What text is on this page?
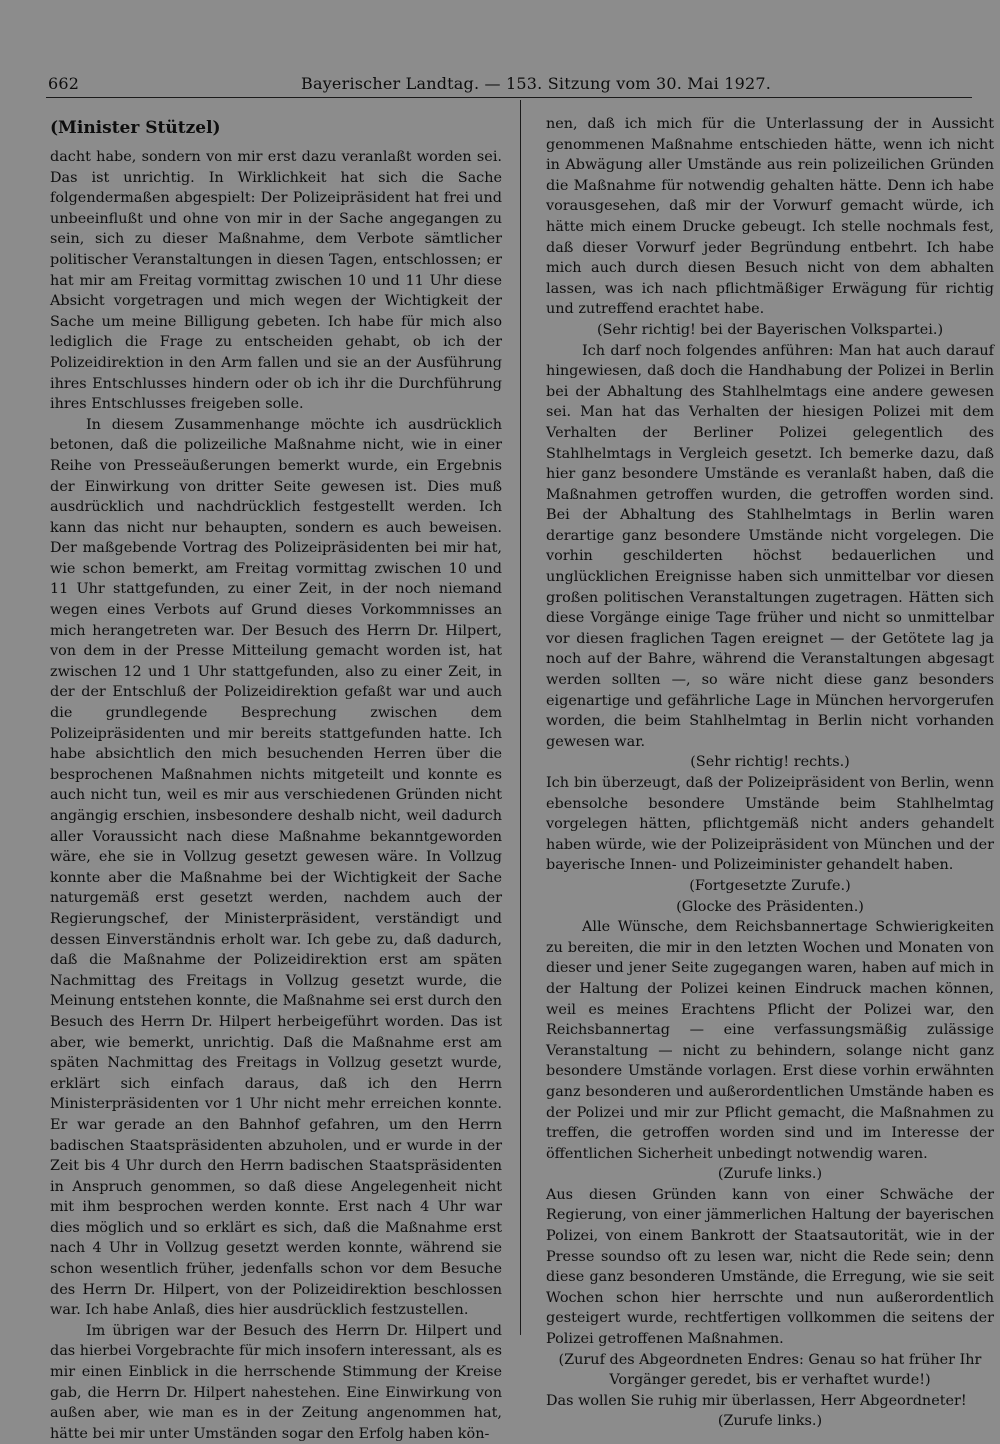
662	Bayerischer Landtag. — 153. Sitzung vom 30. Mai 1927.
(Minister Stützel)

dacht habe, sondern von mir erst dazu veranlaßt worden sei. Das ist unrichtig. In Wirklichkeit hat sich die Sache folgendermaßen abgespielt: Der Polizeipräsident hat frei und unbeeinflußt und ohne von mir in der Sache angegangen zu sein, sich zu dieser Maßnahme, dem Verbote sämtlicher politischer Veranstaltungen in diesen Tagen, entschlossen; er hat mir am Freitag vormittag zwischen 10 und 11 Uhr diese Absicht vorgetragen und mich wegen der Wichtigkeit der Sache um meine Billigung gebeten. Ich habe für mich also lediglich die Frage zu entscheiden gehabt, ob ich der Polizeidirektion in den Arm fallen und sie an der Ausführung ihres Entschlusses hindern oder ob ich ihr die Durchführung ihres Entschlusses freigeben solle.

In diesem Zusammenhange möchte ich ausdrücklich betonen, daß die polizeiliche Maßnahme nicht, wie in einer Reihe von Presseäußerungen bemerkt wurde, ein Ergebnis der Einwirkung von dritter Seite gewesen ist. Dies muß ausdrücklich und nachdrücklich festgestellt werden. Ich kann das nicht nur behaupten, sondern es auch beweisen. Der maßgebende Vortrag des Polizeipräsidenten bei mir hat, wie schon bemerkt, am Freitag vormittag zwischen 10 und 11 Uhr stattgefunden, zu einer Zeit, in der noch niemand wegen eines Verbots auf Grund dieses Vorkommnisses an mich herangetreten war. Der Besuch des Herrn Dr. Hilpert, von dem in der Presse Mitteilung gemacht worden ist, hat zwischen 12 und 1 Uhr stattgefunden, also zu einer Zeit, in der der Entschluß der Polizeidirektion gefaßt war und auch die grundlegende Besprechung zwischen dem Polizeipräsidenten und mir bereits stattgefunden hatte. Ich habe absichtlich den mich besuchenden Herren über die besprochenen Maßnahmen nichts mitgeteilt und konnte es auch nicht tun, weil es mir aus verschiedenen Gründen nicht angängig erschien, insbesondere deshalb nicht, weil dadurch aller Voraussicht nach diese Maßnahme bekanntgeworden wäre, ehe sie in Vollzug gesetzt gewesen wäre. In Vollzug konnte aber die Maßnahme bei der Wichtigkeit der Sache naturgemäß erst gesetzt werden, nachdem auch der Regierungschef, der Ministerpräsident, verständigt und dessen Einverständnis erholt war. Ich gebe zu, daß dadurch, daß die Maßnahme der Polizeidirektion erst am späten Nachmittag des Freitags in Vollzug gesetzt wurde, die Meinung entstehen konnte, die Maßnahme sei erst durch den Besuch des Herrn Dr. Hilpert herbeigeführt worden. Das ist aber, wie bemerkt, unrichtig. Daß die Maßnahme erst am späten Nachmittag des Freitags in Vollzug gesetzt wurde, erklärt sich einfach daraus, daß ich den Herrn Ministerpräsidenten vor 1 Uhr nicht mehr erreichen konnte. Er war gerade an den Bahnhof gefahren, um den Herrn badischen Staatspräsidenten abzuholen, und er wurde in der Zeit bis 4 Uhr durch den Herrn badischen Staatspräsidenten in Anspruch genommen, so daß diese Angelegenheit nicht mit ihm besprochen werden konnte. Erst nach 4 Uhr war dies möglich und so erklärt es sich, daß die Maßnahme erst nach 4 Uhr in Vollzug gesetzt werden konnte, während sie schon wesentlich früher, jedenfalls schon vor dem Besuche des Herrn Dr. Hilpert, von der Polizeidirektion beschlossen war. Ich habe Anlaß, dies hier ausdrücklich festzustellen.

Im übrigen war der Besuch des Herrn Dr. Hilpert und das hierbei Vorgebrachte für mich insofern interessant, als es mir einen Einblick in die herrschende Stimmung der Kreise gab, die Herrn Dr. Hilpert nahestehen. Eine Einwirkung von außen aber, wie man es in der Zeitung angenommen hat, hätte bei mir unter Umständen sogar den Erfolg haben kön-

nen, daß ich mich für die Unterlassung der in Aussicht genommenen Maßnahme entschieden hätte, wenn ich nicht in Abwägung aller Umstände aus rein polizeilichen Gründen die Maßnahme für notwendig gehalten hätte. Denn ich habe vorausgesehen, daß mir der Vorwurf gemacht würde, ich hätte mich einem Drucke gebeugt. Ich stelle nochmals fest, daß dieser Vorwurf jeder Begründung entbehrt. Ich habe mich auch durch diesen Besuch nicht von dem abhalten lassen, was ich nach pflichtmäßiger Erwägung für richtig und zutreffend erachtet habe.

(Sehr richtig! bei der Bayerischen Volkspartei.)

Ich darf noch folgendes anführen: Man hat auch darauf hingewiesen, daß doch die Handhabung der Polizei in Berlin bei der Abhaltung des Stahlhelmtags eine andere gewesen sei. Man hat das Verhalten der hiesigen Polizei mit dem Verhalten der Berliner Polizei gelegentlich des Stahlhelmtags in Vergleich gesetzt. Ich bemerke dazu, daß hier ganz besondere Umstände es veranlaßt haben, daß die Maßnahmen getroffen wurden, die getroffen worden sind. Bei der Abhaltung des Stahlhelmtags in Berlin waren derartige ganz besondere Umstände nicht vorgelegen. Die vorhin geschilderten höchst bedauerlichen und unglücklichen Ereignisse haben sich unmittelbar vor diesen großen politischen Veranstaltungen zugetragen. Hätten sich diese Vorgänge einige Tage früher und nicht so unmittelbar vor diesen fraglichen Tagen ereignet — der Getötete lag ja noch auf der Bahre, während die Veranstaltungen abgesagt werden sollten —, so wäre nicht diese ganz besonders eigenartige und gefährliche Lage in München hervorgerufen worden, die beim Stahlhelmtag in Berlin nicht vorhanden gewesen war.

(Sehr richtig! rechts.)

Ich bin überzeugt, daß der Polizeipräsident von Berlin, wenn ebensolche besondere Umstände beim Stahlhelmtag vorgelegen hätten, pflichtgemäß nicht anders gehandelt haben würde, wie der Polizeipräsident von München und der bayerische Innen- und Polizeiminister gehandelt haben.

(Fortgesetzte Zurufe.)

(Glocke des Präsidenten.)

Alle Wünsche, dem Reichsbannertage Schwierigkeiten zu bereiten, die mir in den letzten Wochen und Monaten von dieser und jener Seite zugegangen waren, haben auf mich in der Haltung der Polizei keinen Eindruck machen können, weil es meines Erachtens Pflicht der Polizei war, den Reichsbannertag — eine verfassungsmäßig zulässige Veranstaltung — nicht zu behindern, solange nicht ganz besondere Umstände vorlagen. Erst diese vorhin erwähnten ganz besonderen und außerordentlichen Umstände haben es der Polizei und mir zur Pflicht gemacht, die Maßnahmen zu treffen, die getroffen worden sind und im Interesse der öffentlichen Sicherheit unbedingt notwendig waren.

(Zurufe links.)

Aus diesen Gründen kann von einer Schwäche der Regierung, von einer jämmerlichen Haltung der bayerischen Polizei, von einem Bankrott der Staatsautorität, wie in der Presse soundso oft zu lesen war, nicht die Rede sein; denn diese ganz besonderen Umstände, die Erregung, wie sie seit Wochen schon hier herrschte und nun außerordentlich gesteigert wurde, rechtfertigen vollkommen die seitens der Polizei getroffenen Maßnahmen.

(Zuruf des Abgeordneten Endres: Genau so hat früher Ihr Vorgänger geredet, bis er verhaftet wurde!)

Das wollen Sie ruhig mir überlassen, Herr Abgeordneter!

(Zurufe links.)
